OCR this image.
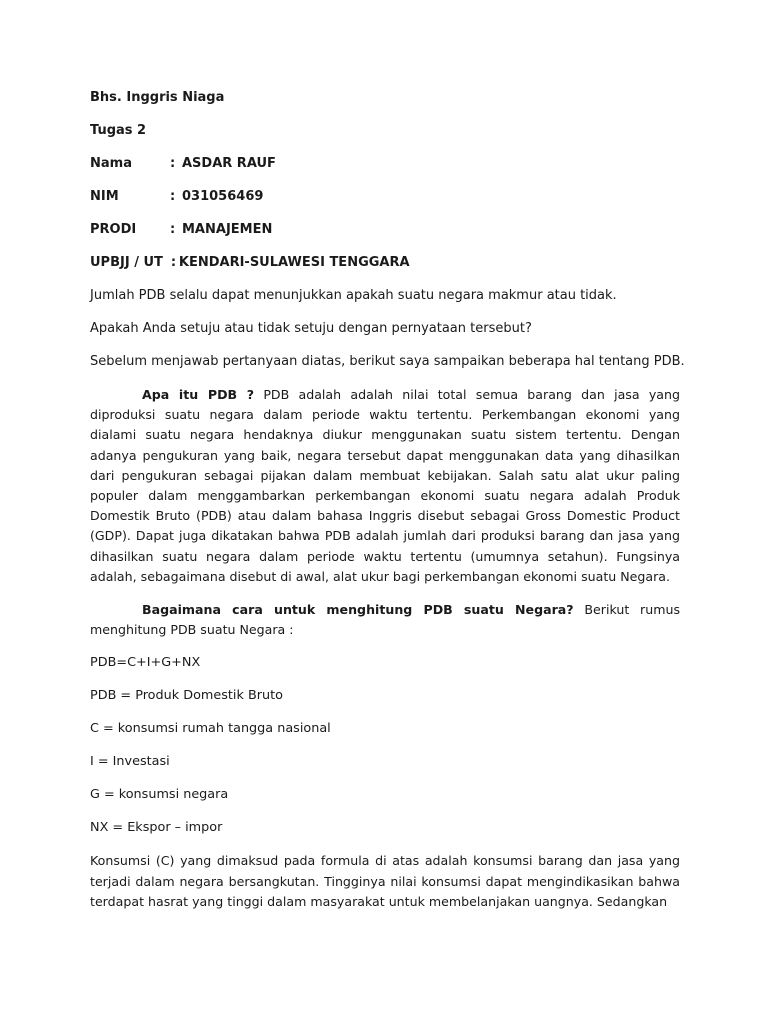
Bhs. Inggris Niaga
Tugas 2
Nama	: ASDAR RAUF
NIM	: 031056469
PRODI	: MANAJEMEN
UPBJJ / UT : KENDARI-SULAWESI TENGGARA
Jumlah PDB selalu dapat menunjukkan apakah suatu negara makmur atau tidak.
Apakah Anda setuju atau tidak setuju dengan pernyataan tersebut?
Sebelum menjawab pertanyaan diatas, berikut saya sampaikan beberapa hal tentang PDB.

Apa itu PDB ? PDB adalah adalah nilai total semua barang dan jasa yang diproduksi suatu negara dalam periode waktu tertentu. Perkembangan ekonomi yang dialami suatu negara hendaknya diukur menggunakan suatu sistem tertentu. Dengan adanya pengukuran yang baik, negara tersebut dapat menggunakan data yang dihasilkan dari pengukuran sebagai pijakan dalam membuat kebijakan. Salah satu alat ukur paling populer dalam menggambarkan perkembangan ekonomi suatu negara adalah Produk Domestik Bruto (PDB) atau dalam bahasa Inggris disebut sebagai Gross Domestic Product (GDP). Dapat juga dikatakan bahwa PDB adalah jumlah dari produksi barang dan jasa yang dihasilkan suatu negara dalam periode waktu tertentu (umumnya setahun). Fungsinya adalah, sebagaimana disebut di awal, alat ukur bagi perkembangan ekonomi suatu Negara.

Bagaimana cara untuk menghitung PDB suatu Negara? Berikut rumus menghitung PDB suatu Negara :

PDB=C+I+G+NX
PDB = Produk Domestik Bruto
C = konsumsi rumah tangga nasional
I = Investasi
G = konsumsi negara
NX = Ekspor – impor

Konsumsi (C) yang dimaksud pada formula di atas adalah konsumsi barang dan jasa yang terjadi dalam negara bersangkutan. Tingginya nilai konsumsi dapat mengindikasikan bahwa terdapat hasrat yang tinggi dalam masyarakat untuk membelanjakan uangnya. Sedangkan
